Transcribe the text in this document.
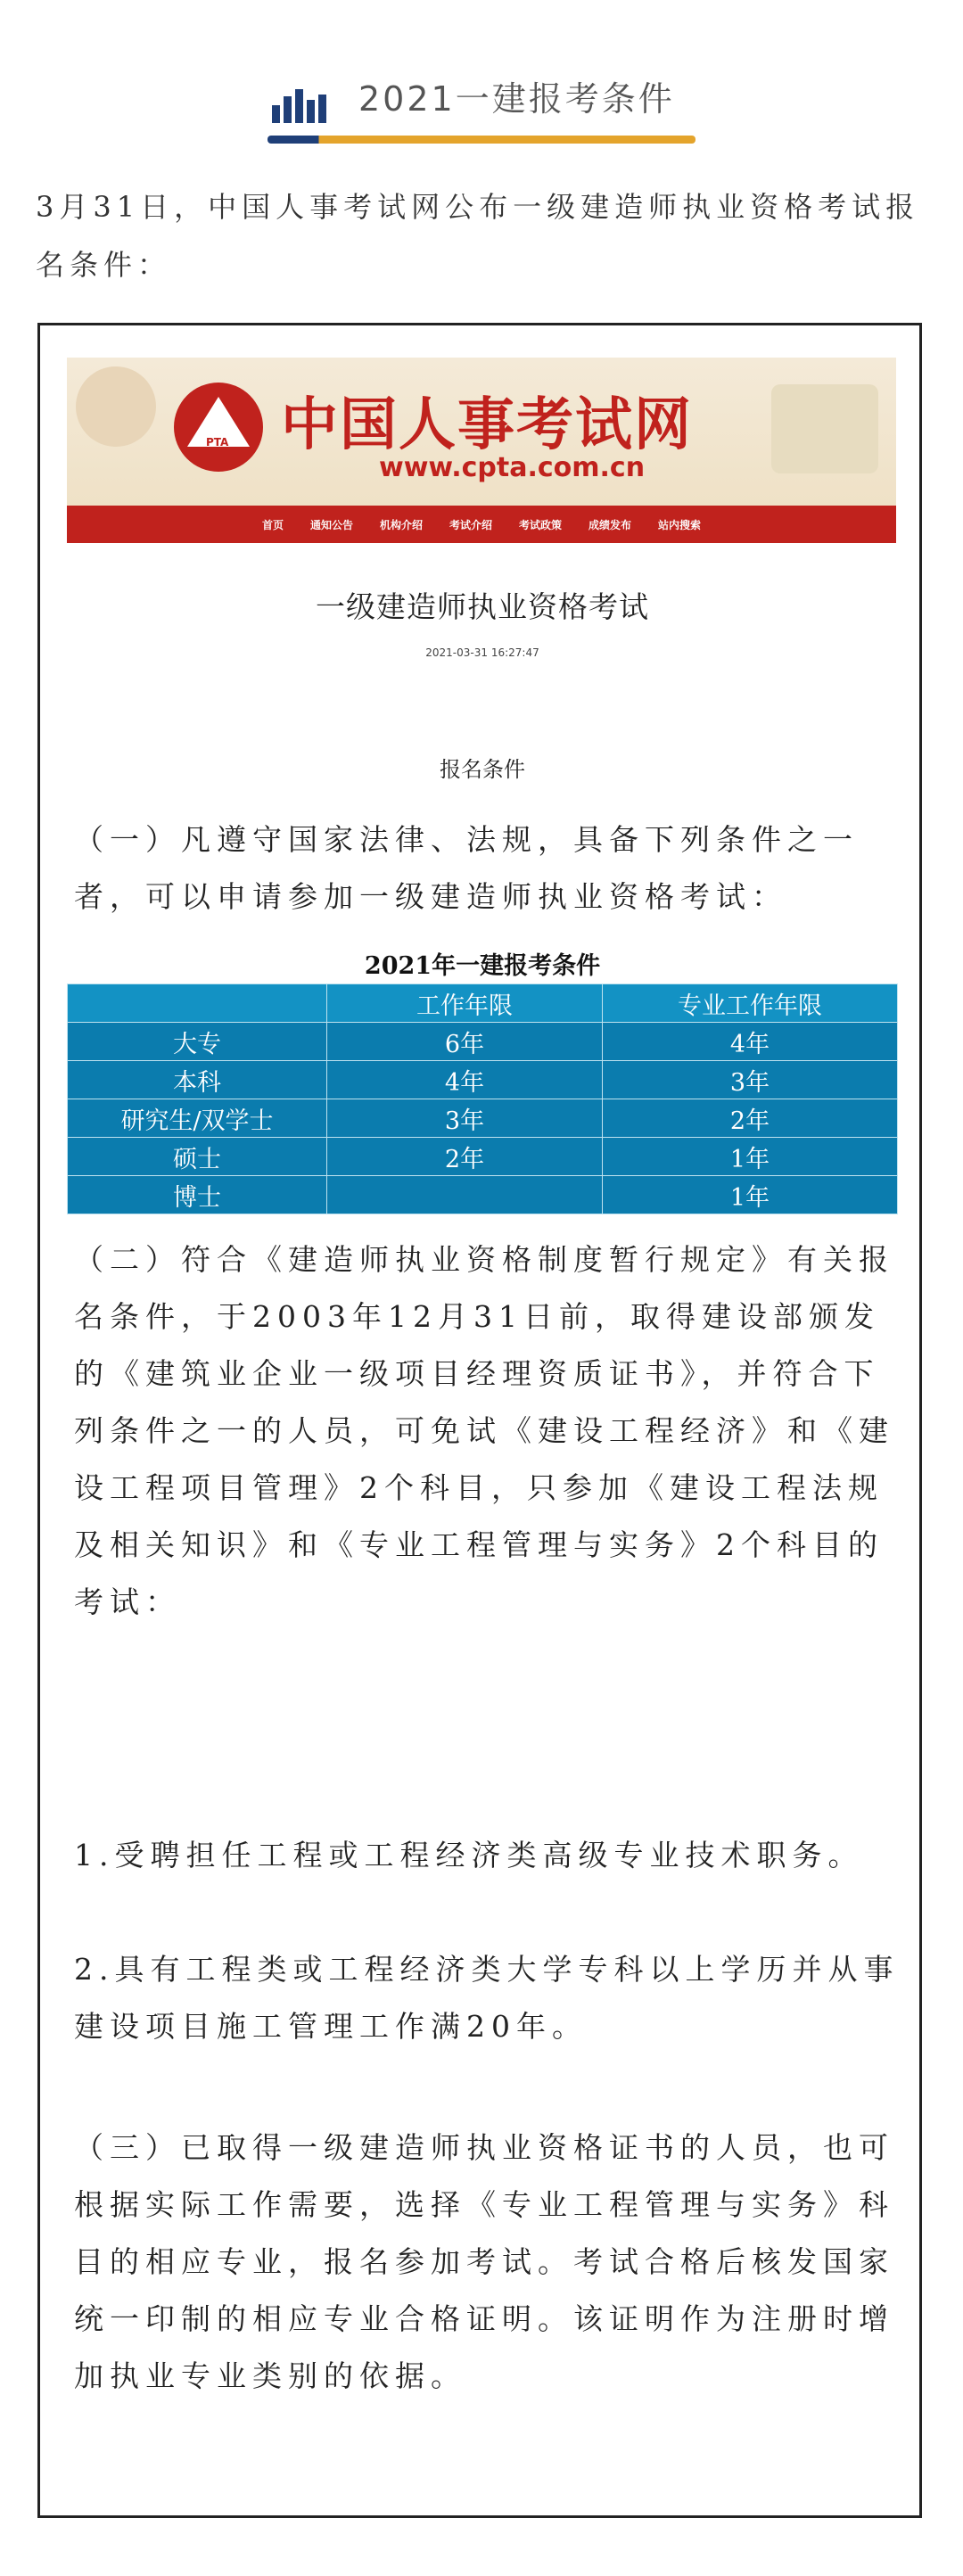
2021一建报考条件
3月31日，中国人事考试网公布一级建造师执业资格考试报名条件：
PTA 中国人事考试网
www.cpta.com.cn
首页	通知公告	机构介绍	考试介绍	考试政策	成绩发布	站内搜索
一级建造师执业资格考试
2021-03-31 16:27:47
报名条件
（一）凡遵守国家法律、法规，具备下列条件之一者，可以申请参加一级建造师执业资格考试：
2021年一建报考条件
	工作年限	专业工作年限
大专	6年	4年
本科	4年	3年
研究生/双学士	3年	2年
硕士	2年	1年
博士		1年
（二）符合《建造师执业资格制度暂行规定》有关报名条件，于2003年12月31日前，取得建设部颁发的《建筑业企业一级项目经理资质证书》，并符合下列条件之一的人员，可免试《建设工程经济》和《建设工程项目管理》2个科目，只参加《建设工程法规及相关知识》和《专业工程管理与实务》2个科目的考试：
1.受聘担任工程或工程经济类高级专业技术职务。
2.具有工程类或工程经济类大学专科以上学历并从事建设项目施工管理工作满20年。
（三）已取得一级建造师执业资格证书的人员，也可根据实际工作需要，选择《专业工程管理与实务》科目的相应专业，报名参加考试。考试合格后核发国家统一印制的相应专业合格证明。该证明作为注册时增加执业专业类别的依据。
